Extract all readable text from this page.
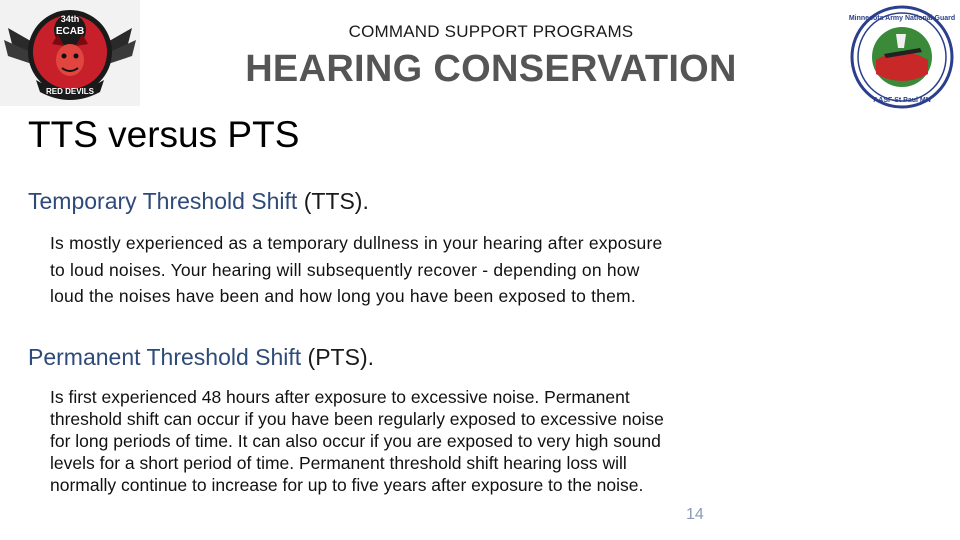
34th
ECAB
RED DEVILS
Minnesota Army National Guard
AASF St Paul MN
COMMAND SUPPORT PROGRAMS
HEARING CONSERVATION
TTS versus PTS
Temporary Threshold Shift (TTS).
Is mostly experienced as a temporary dullness in your hearing after exposure to loud noises. Your hearing will subsequently recover - depending on how loud the noises have been and how long you have been exposed to them.
Permanent Threshold Shift (PTS).
Is first experienced 48 hours after exposure to excessive noise. Permanent threshold shift can occur if you have been regularly exposed to excessive noise for long periods of time. It can also occur if you are exposed to very high sound levels for a short period of time. Permanent threshold shift hearing loss will normally continue to increase for up to five years after exposure to the noise.
14
